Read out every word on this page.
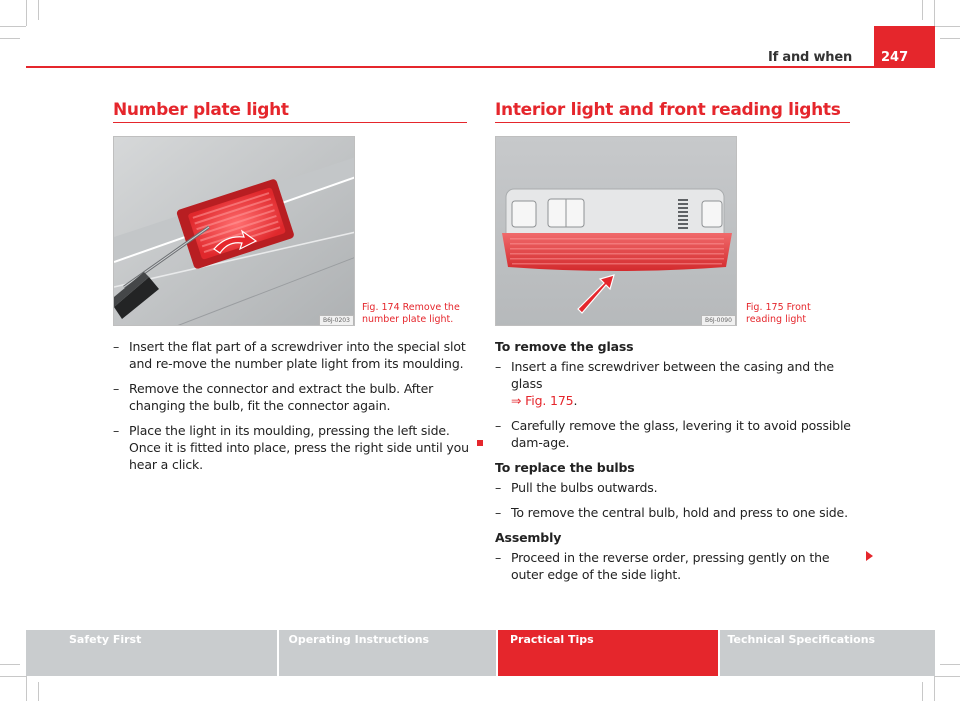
If and when	247
Number plate light
B6J-0203
Fig. 174 Remove the number plate light.
– Insert the flat part of a screwdriver into the special slot and re-move the number plate light from its moulding.
– Remove the connector and extract the bulb. After changing the bulb, fit the connector again.
– Place the light in its moulding, pressing the left side. Once it is fitted into place, press the right side until you hear a click.
Interior light and front reading lights
B6J-0090
Fig. 175 Front reading light
To remove the glass
– Insert a fine screwdriver between the casing and the glass
⇒ Fig. 175.
– Carefully remove the glass, levering it to avoid possible dam-age.
To replace the bulbs
– Pull the bulbs outwards.
– To remove the central bulb, hold and press to one side.
Assembly
– Proceed in the reverse order, pressing gently on the outer edge of the side light.
Safety First	Operating Instructions	Practical Tips	Technical Specifications
